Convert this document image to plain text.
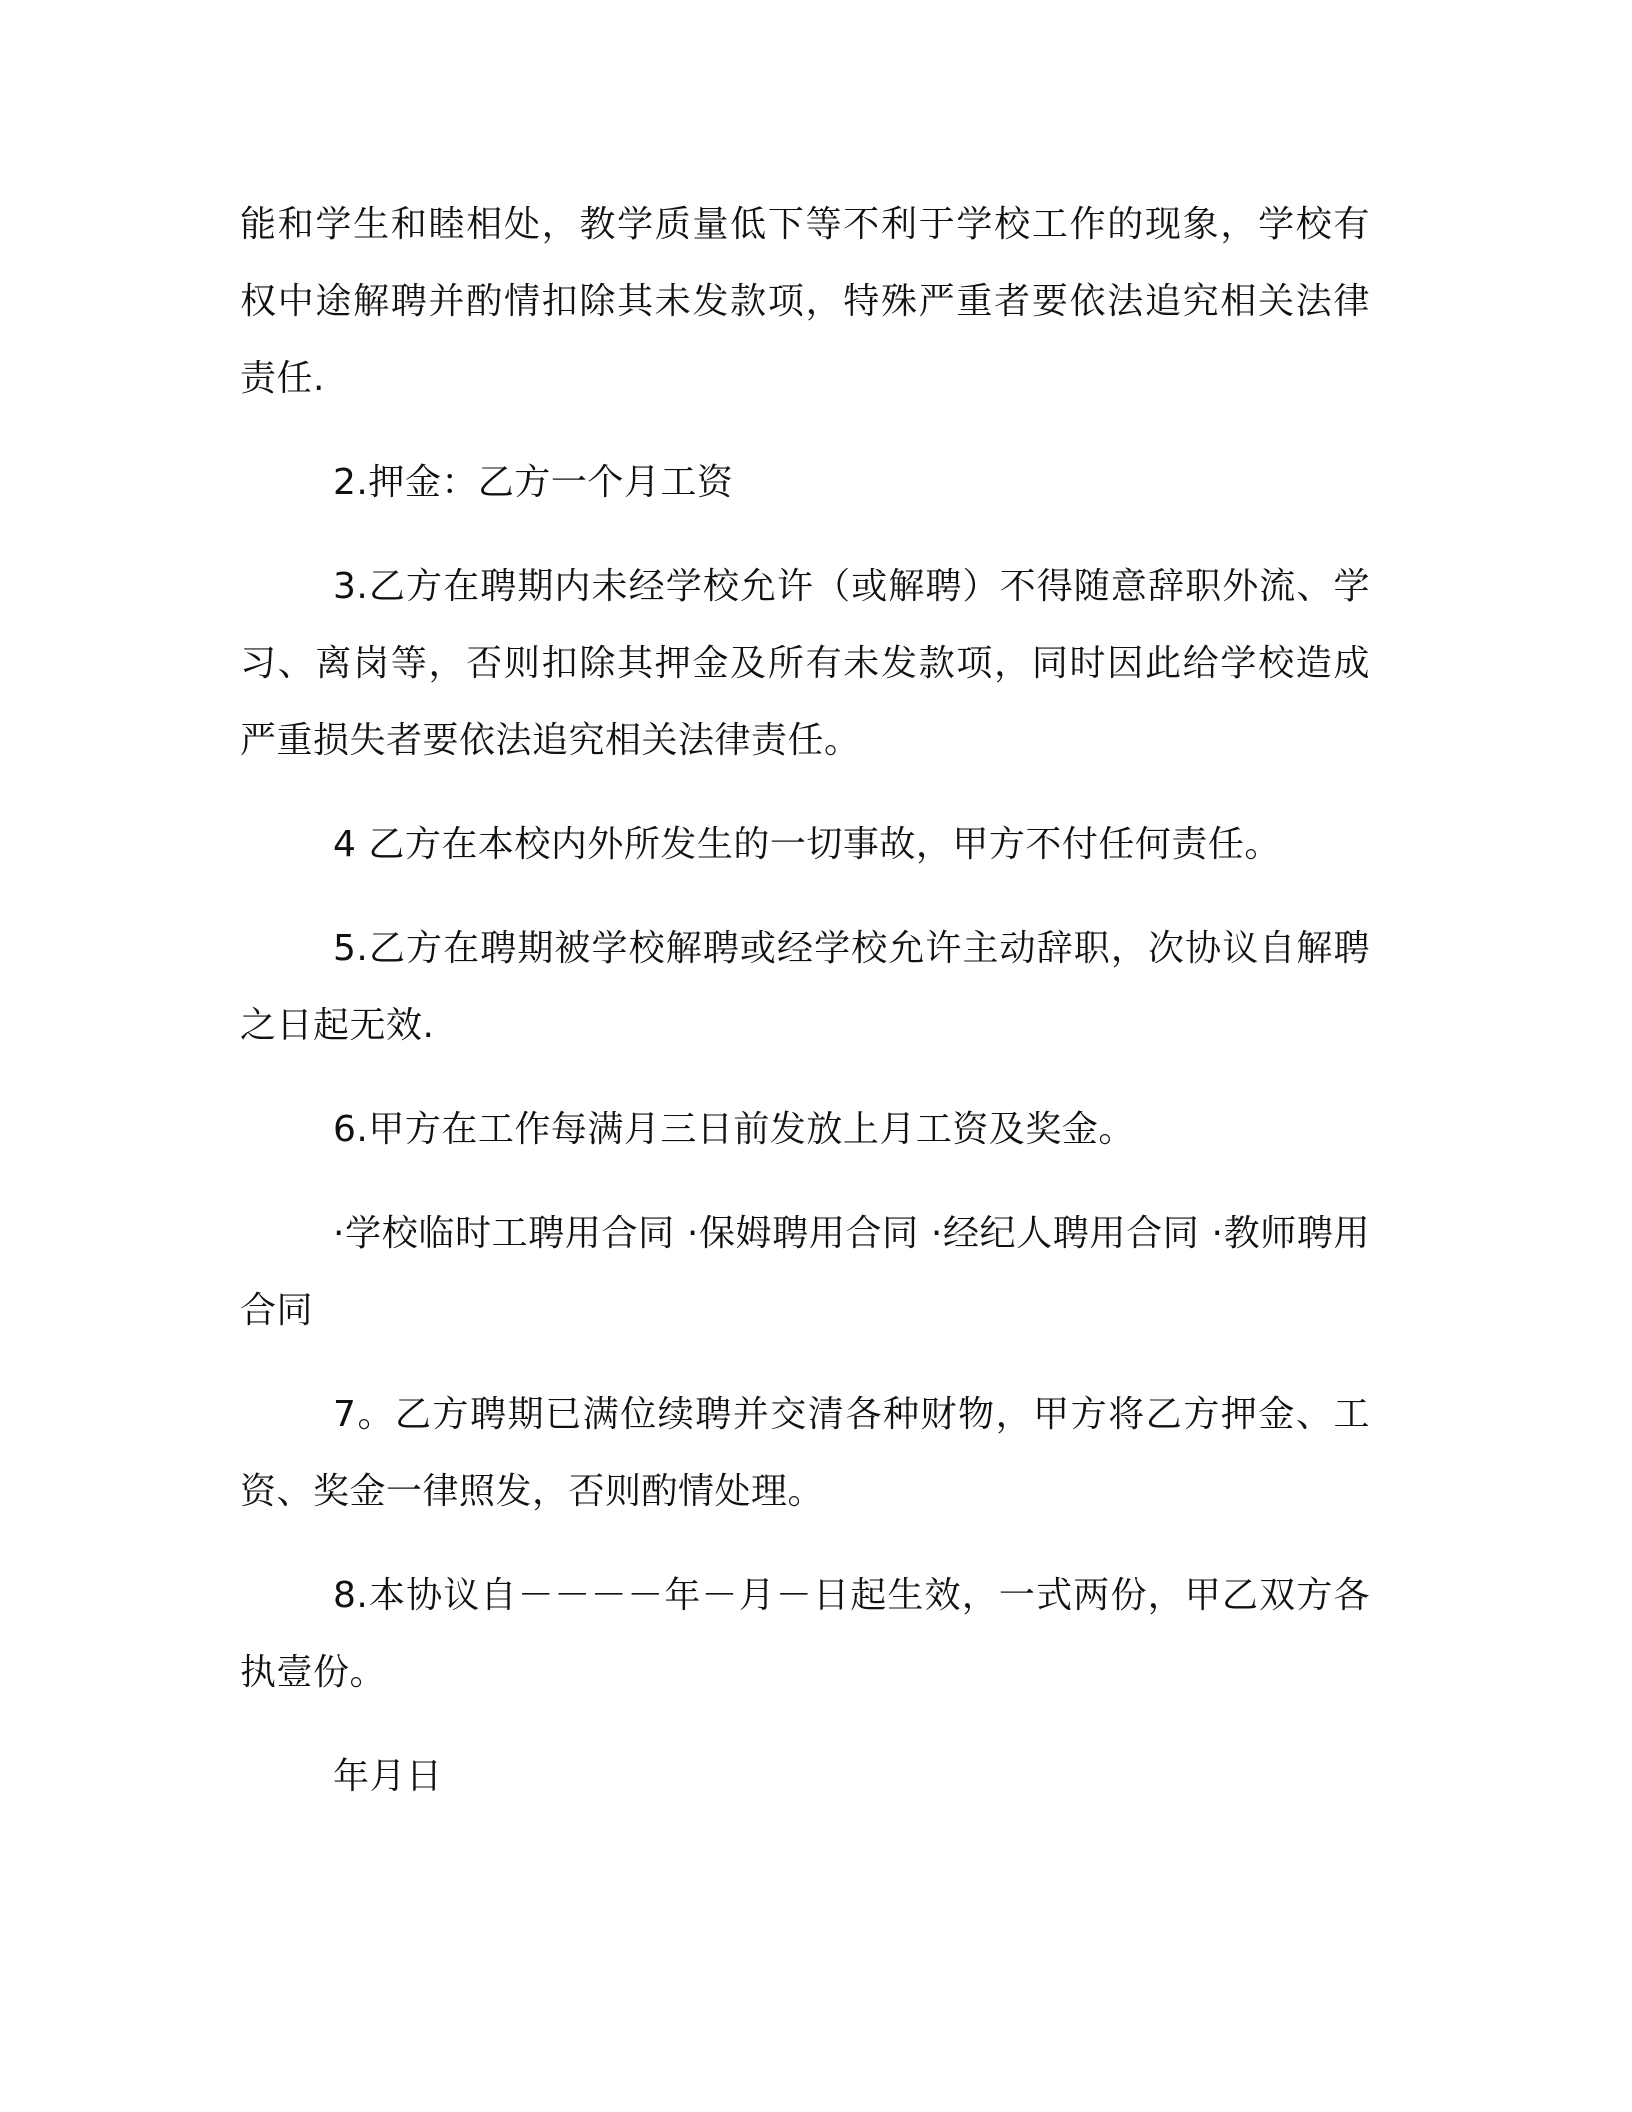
能和学生和睦相处，教学质量低下等不利于学校工作的现象，学校有权中途解聘并酌情扣除其未发款项，特殊严重者要依法追究相关法律责任.

2.押金：乙方一个月工资

3.乙方在聘期内未经学校允许（或解聘）不得随意辞职外流、学习、离岗等，否则扣除其押金及所有未发款项，同时因此给学校造成严重损失者要依法追究相关法律责任。

4 乙方在本校内外所发生的一切事故，甲方不付任何责任。

5.乙方在聘期被学校解聘或经学校允许主动辞职，次协议自解聘之日起无效.

6.甲方在工作每满月三日前发放上月工资及奖金。

·学校临时工聘用合同 ·保姆聘用合同 ·经纪人聘用合同 ·教师聘用合同

7。乙方聘期已满位续聘并交清各种财物，甲方将乙方押金、工资、奖金一律照发，否则酌情处理。

8.本协议自－－－－年－月－日起生效，一式两份，甲乙双方各执壹份。

年月日
